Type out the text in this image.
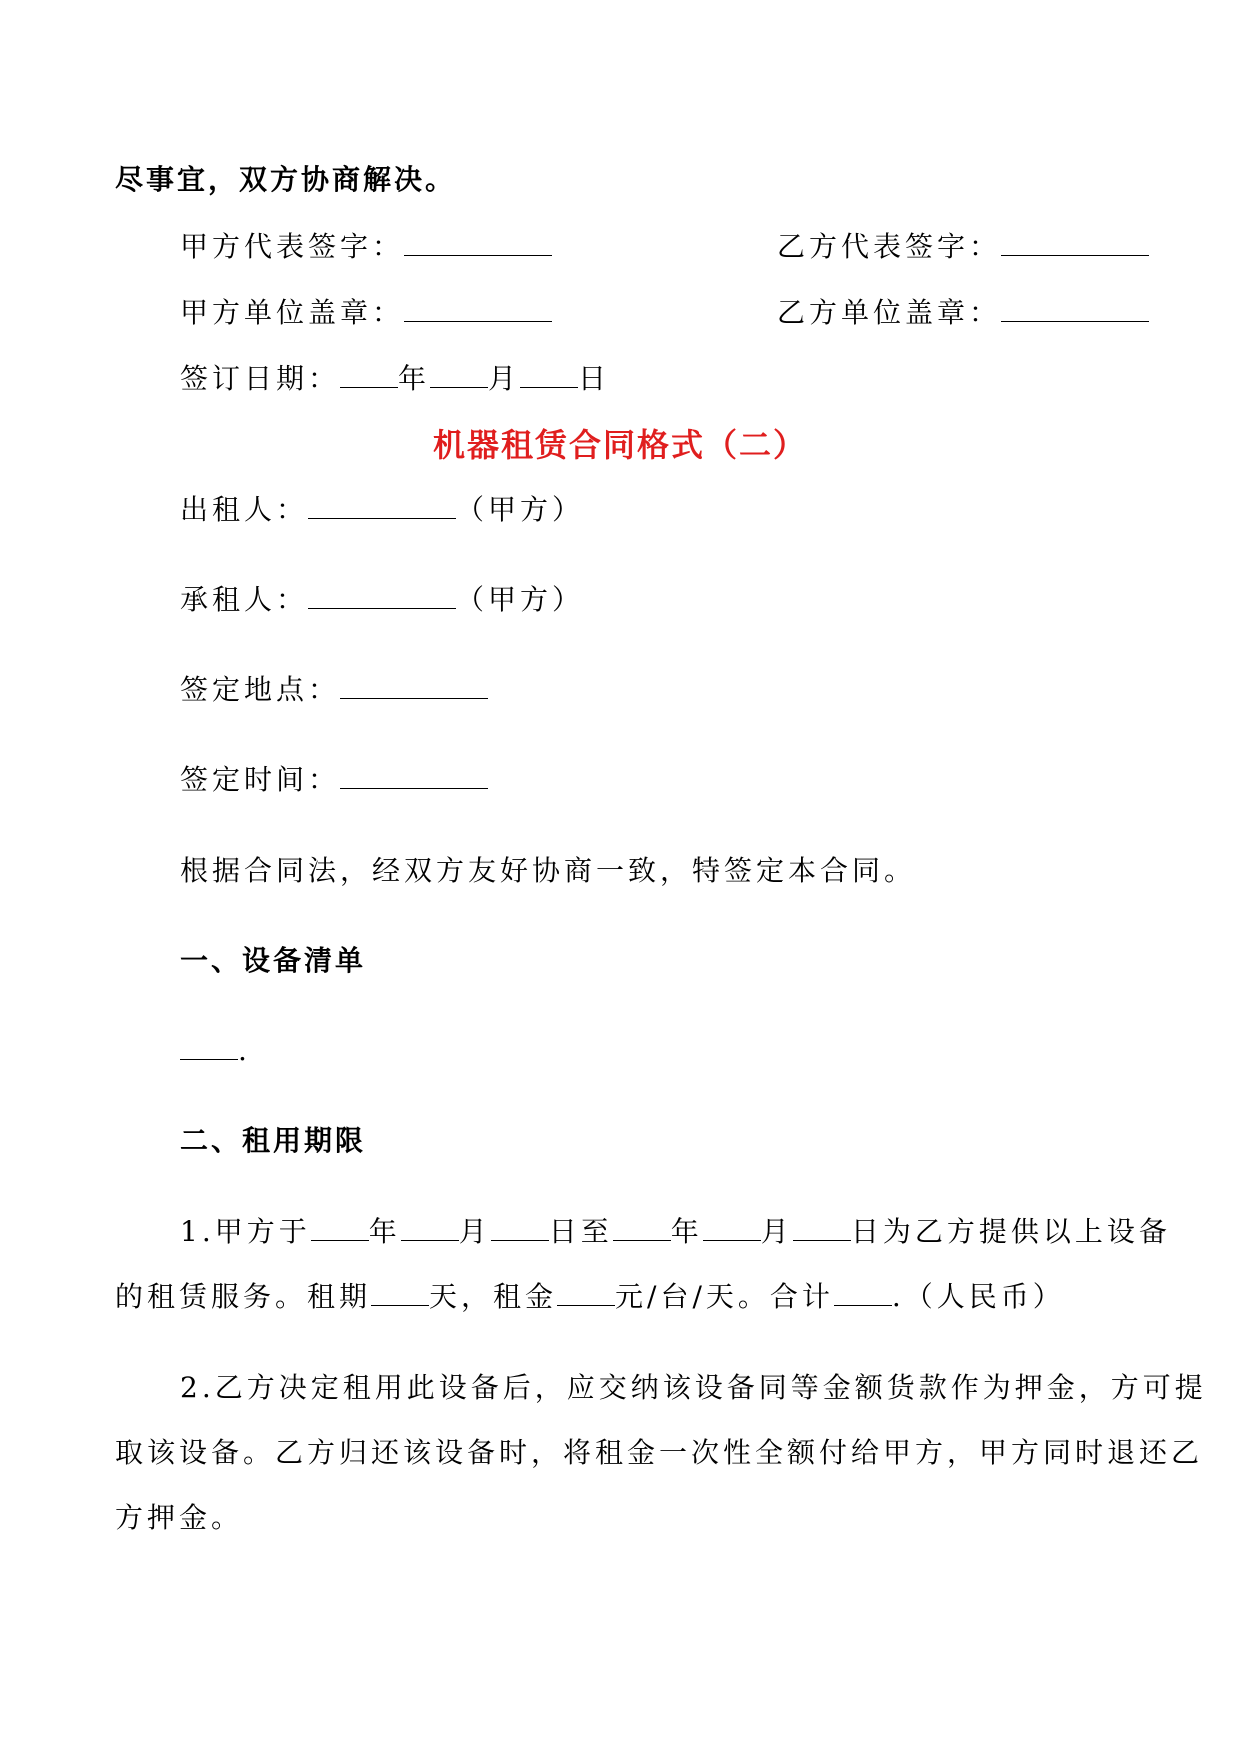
尽事宜，双方协商解决。
甲方代表签字：	乙方代表签字：
甲方单位盖章：	乙方单位盖章：
签订日期： 年 月 日
机器租赁合同格式（二）
出租人：	（甲方）
承租人：	（甲方）
签定地点：
签定时间：
根据合同法，经双方友好协商一致，特签定本合同。
一、设备清单
.
二、租用期限
1.甲方于 年 月 日至 年 月 日为乙方提供以上设备
的租赁服务。租期 天，租金 元/台/天。合计 .（人民币）
2.乙方决定租用此设备后，应交纳该设备同等金额货款作为押金，方可提
取该设备。乙方归还该设备时，将租金一次性全额付给甲方，甲方同时退还乙
方押金。
